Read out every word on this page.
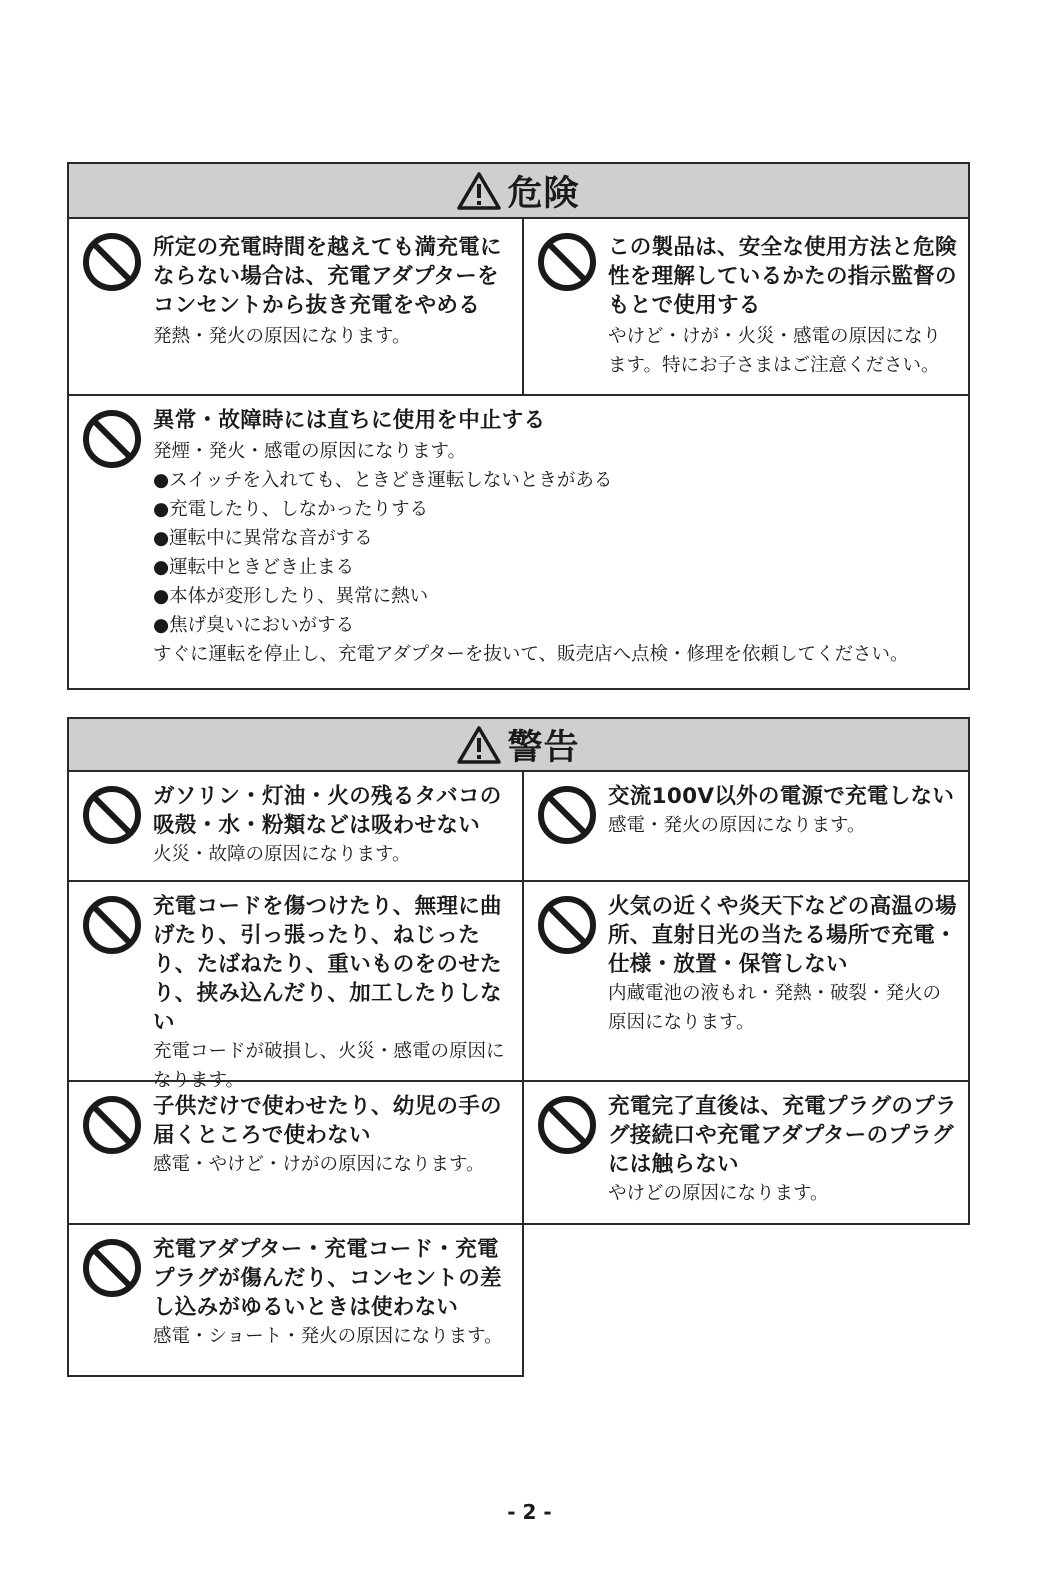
危険

所定の充電時間を越えても満充電にならない場合は、充電アダプターをコンセントから抜き充電をやめる

発熱・発火の原因になります。

この製品は、安全な使用方法と危険性を理解しているかたの指示監督のもとで使用する

やけど・けが・火災・感電の原因になります。特にお子さまはご注意ください。

異常・故障時には直ちに使用を中止する

発煙・発火・感電の原因になります。

●スイッチを入れても、ときどき運転しないときがある
●充電したり、しなかったりする
●運転中に異常な音がする
●運転中ときどき止まる
●本体が変形したり、異常に熱い
●焦げ臭いにおいがする

すぐに運転を停止し、充電アダプターを抜いて、販売店へ点検・修理を依頼してください。

警告

ガソリン・灯油・火の残るタバコの吸殻・水・粉類などは吸わせない

火災・故障の原因になります。

交流100V以外の電源で充電しない

感電・発火の原因になります。

充電コードを傷つけたり、無理に曲げたり、引っ張ったり、ねじったり、たばねたり、重いものをのせたり、挟み込んだり、加工したりしない

充電コードが破損し、火災・感電の原因になります。

火気の近くや炎天下などの高温の場所、直射日光の当たる場所で充電・仕様・放置・保管しない

内蔵電池の液もれ・発熱・破裂・発火の原因になります。

子供だけで使わせたり、幼児の手の届くところで使わない

感電・やけど・けがの原因になります。

充電完了直後は、充電プラグのプラグ接続口や充電アダプターのプラグには触らない

やけどの原因になります。

充電アダプター・充電コード・充電プラグが傷んだり、コンセントの差し込みがゆるいときは使わない

感電・ショート・発火の原因になります。

- 2 -
